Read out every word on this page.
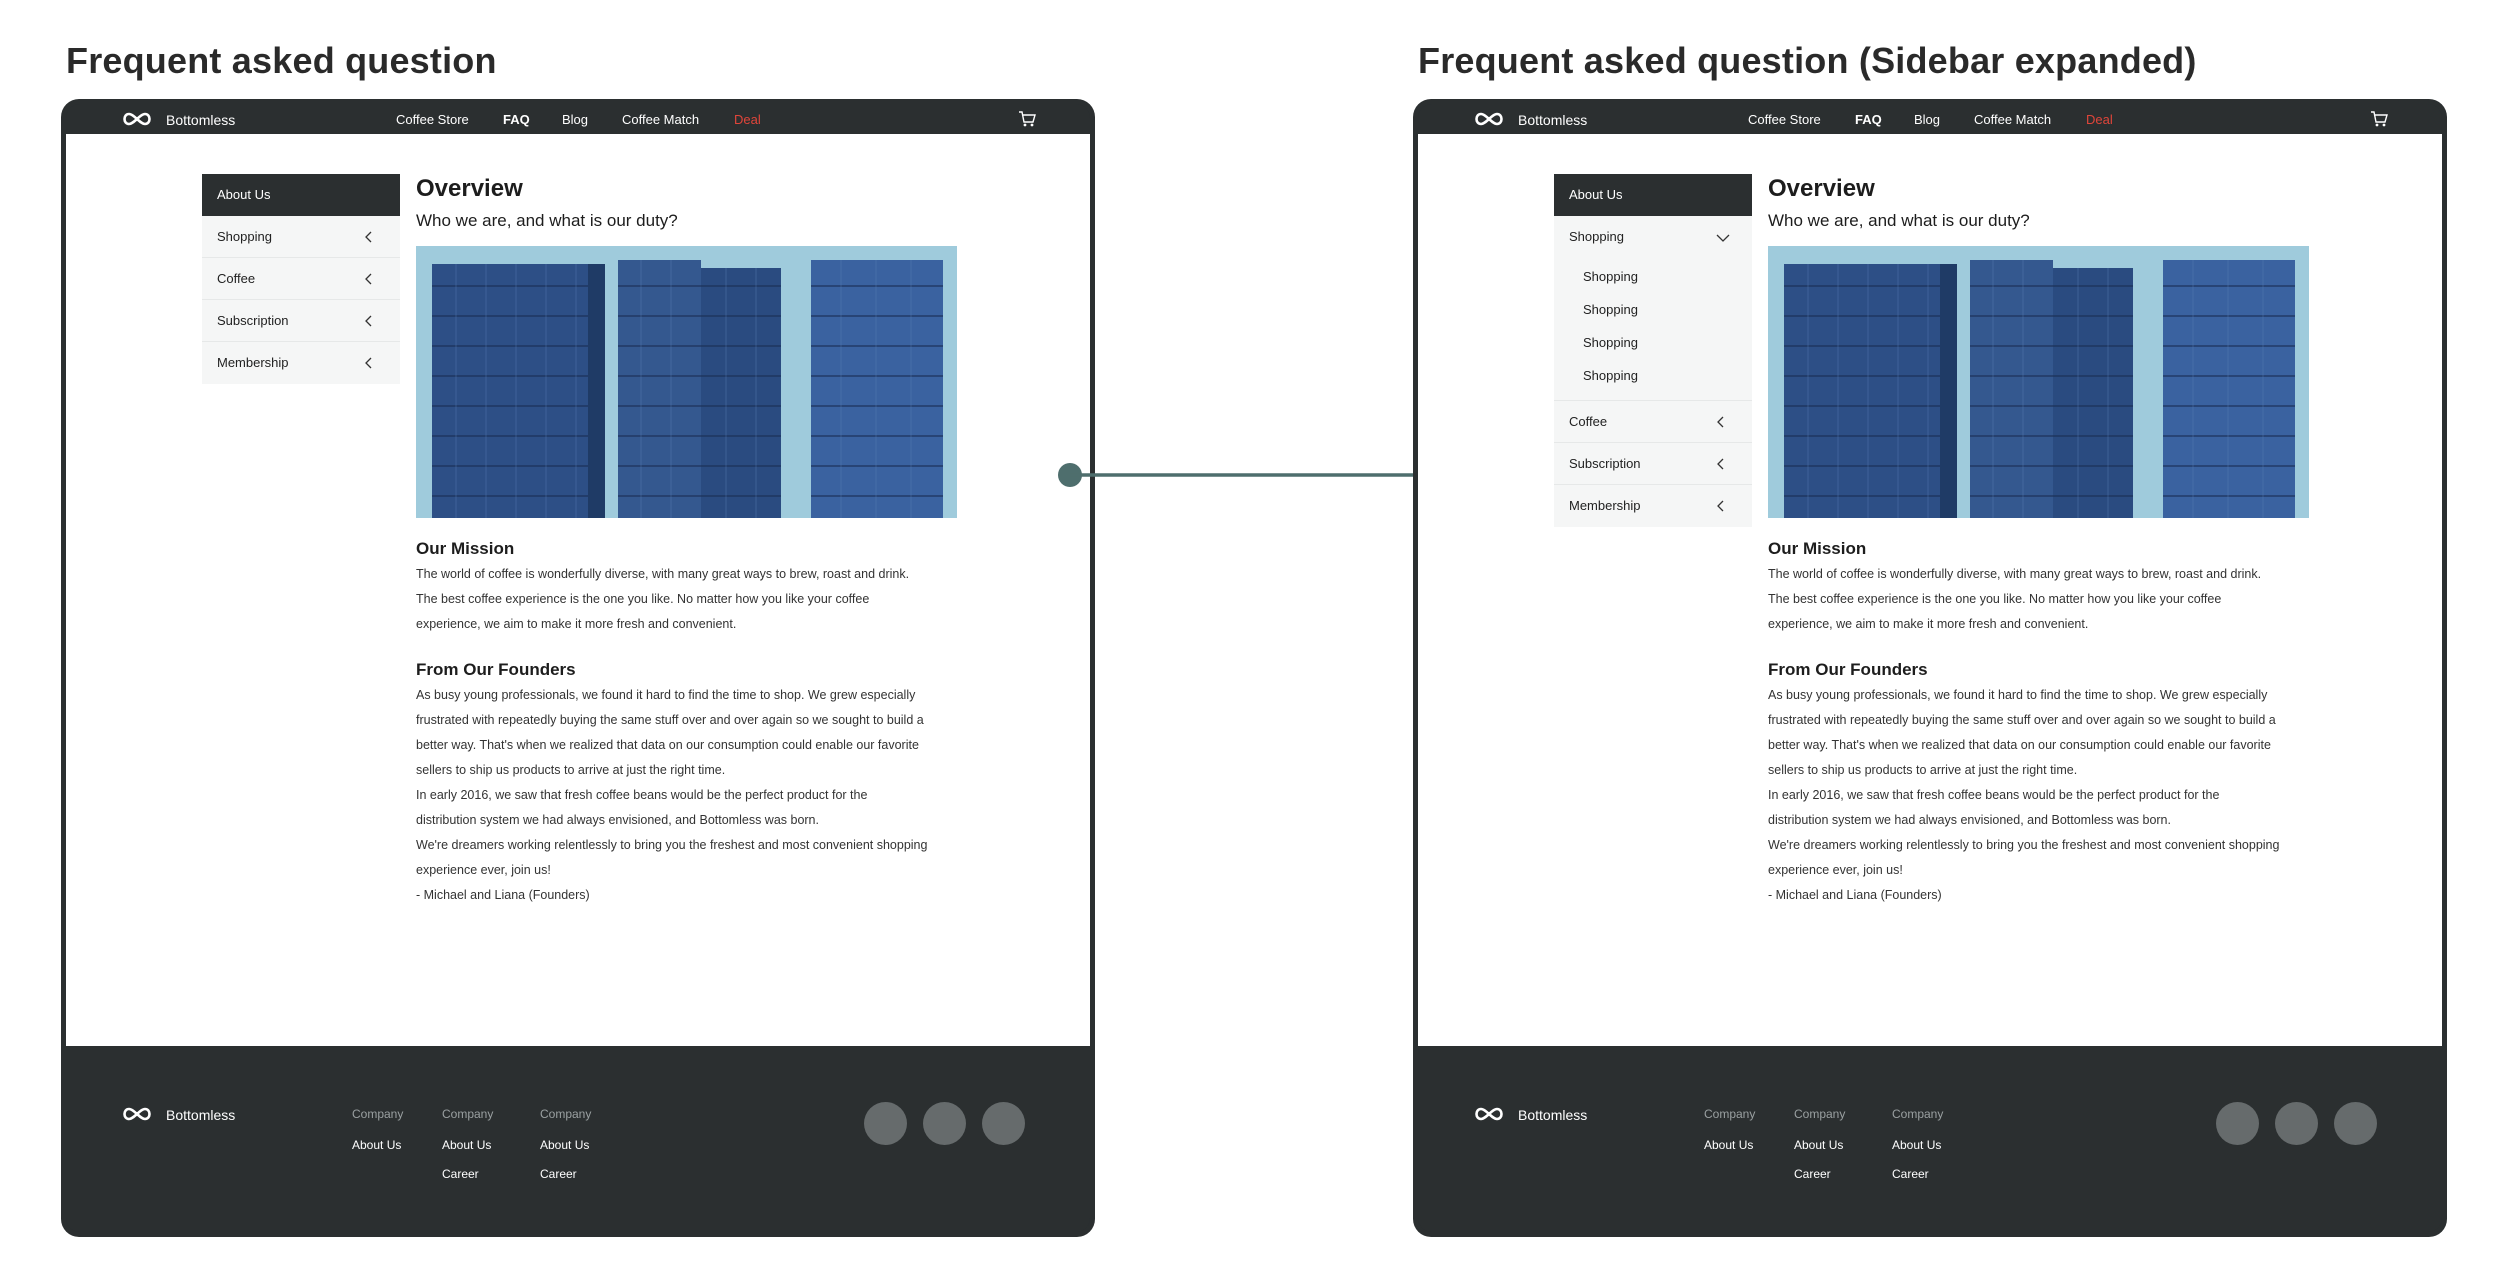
Frequent asked question
Bottomless	Coffee Store	FAQ Blog	Coffee Match	Deal
About Us
Shopping
Coffee
Subscription
Membership
Overview

Who we are, and what is our duty?

Our Mission

The world of coffee is wonderfully diverse, with many great ways to brew, roast and drink.

The best coffee experience is the one you like. No matter how you like your coffee

experience, we aim to make it more fresh and convenient.

From Our Founders

As busy young professionals, we found it hard to find the time to shop. We grew especially

frustrated with repeatedly buying the same stuff over and over again so we sought to build a

better way. That's when we realized that data on our consumption could enable our favorite

sellers to ship us products to arrive at just the right time.

In early 2016, we saw that fresh coffee beans would be the perfect product for the

distribution system we had always envisioned, and Bottomless was born.

We're dreamers working relentlessly to bring you the freshest and most convenient shopping

experience ever, join us!

- Michael and Liana (Founders)

Bottomless	Company
About Us
Company
About Us
Career
Company
About Us
Career
Frequent asked question (Sidebar expanded)
Bottomless	Coffee Store	FAQ Blog	Coffee Match	Deal
About Us
Shopping
Shopping
Shopping
Shopping
Shopping
Coffee
Subscription
Membership
Overview

Who we are, and what is our duty?

Our Mission

The world of coffee is wonderfully diverse, with many great ways to brew, roast and drink.

The best coffee experience is the one you like. No matter how you like your coffee

experience, we aim to make it more fresh and convenient.

From Our Founders

As busy young professionals, we found it hard to find the time to shop. We grew especially

frustrated with repeatedly buying the same stuff over and over again so we sought to build a

better way. That's when we realized that data on our consumption could enable our favorite

sellers to ship us products to arrive at just the right time.

In early 2016, we saw that fresh coffee beans would be the perfect product for the

distribution system we had always envisioned, and Bottomless was born.

We're dreamers working relentlessly to bring you the freshest and most convenient shopping

experience ever, join us!

- Michael and Liana (Founders)

Bottomless	Company
About Us
Company
About Us
Career
Company
About Us
Career
